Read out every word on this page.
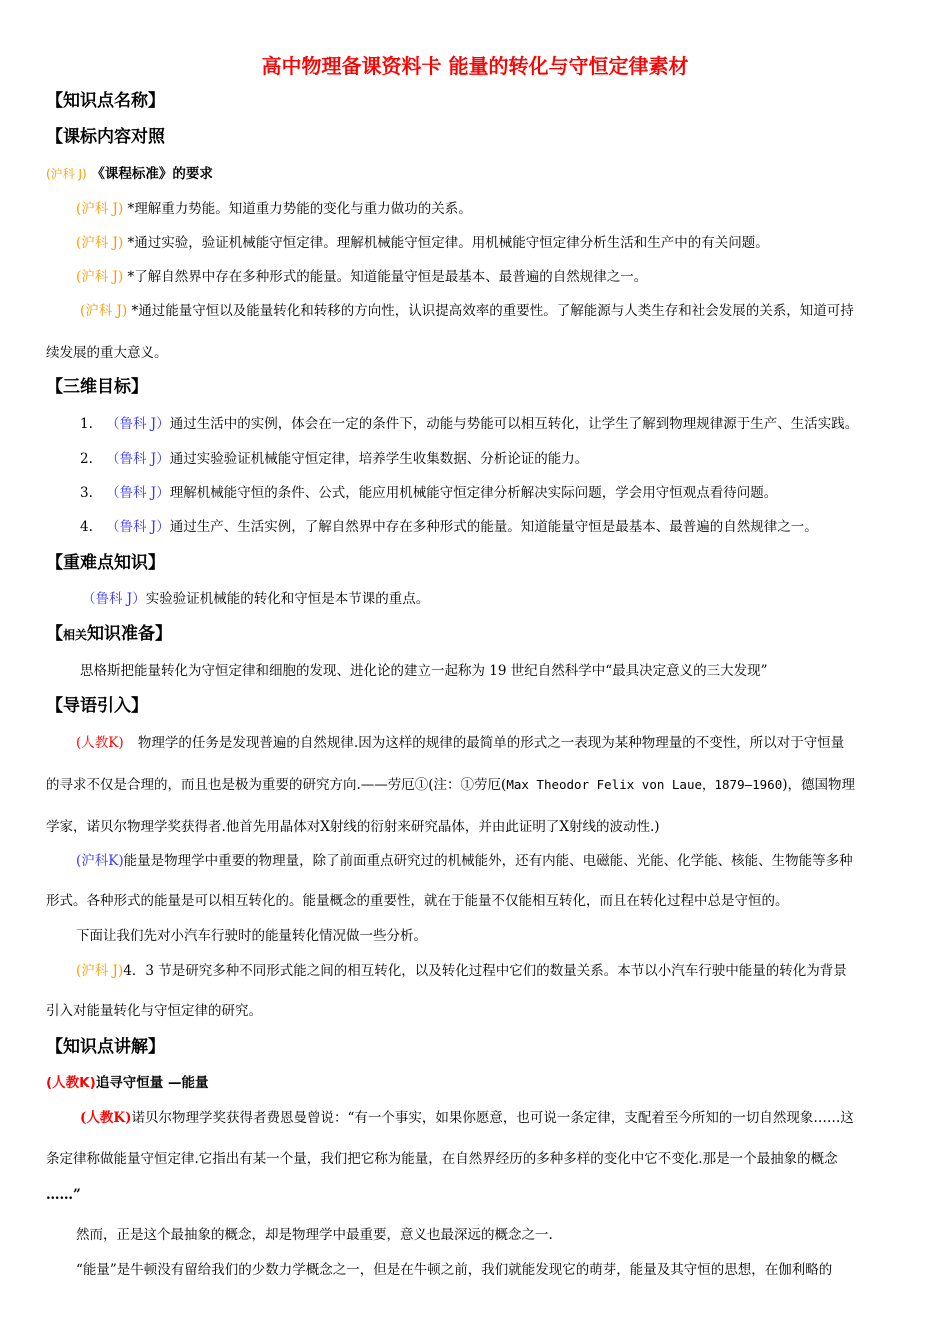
高中物理备课资料卡 能量的转化与守恒定律素材
【知识点名称】
【课标内容对照
(沪科 J) 《课程标准》的要求
(沪科 J) *理解重力势能。知道重力势能的变化与重力做功的关系。
(沪科 J) *通过实验，验证机械能守恒定律。理解机械能守恒定律。用机械能守恒定律分析生活和生产中的有关问题。
(沪科 J) *了解自然界中存在多种形式的能量。知道能量守恒是最基本、最普遍的自然规律之一。
(沪科 J) *通过能量守恒以及能量转化和转移的方向性，认识提高效率的重要性。了解能源与人类生存和社会发展的关系，知道可持
续发展的重大意义。
【三维目标】
1. （鲁科 J）通过生活中的实例，体会在一定的条件下，动能与势能可以相互转化，让学生了解到物理规律源于生产、生活实践。
2. （鲁科 J）通过实验验证机械能守恒定律，培养学生收集数据、分析论证的能力。
3. （鲁科 J）理解机械能守恒的条件、公式，能应用机械能守恒定律分析解决实际问题，学会用守恒观点看待问题。
4. （鲁科 J）通过生产、生活实例，了解自然界中存在多种形式的能量。知道能量守恒是最基本、最普遍的自然规律之一。
【重难点知识】
（鲁科 J）实验验证机械能的转化和守恒是本节课的重点。
【相关知识准备】
思格斯把能量转化为守恒定律和细胞的发现、进化论的建立一起称为 19 世纪自然科学中“最具决定意义的三大发现”
【导语引入】
(人教K) 物理学的任务是发现普遍的自然规律.因为这样的规律的最简单的形式之一表现为某种物理量的不变性，所以对于守恒量
的寻求不仅是合理的，而且也是极为重要的研究方向.——劳厄①(注：①劳厄(Max Theodor Felix von Laue，1879—1960)，德国物理
学家，诺贝尔物理学奖获得者.他首先用晶体对X射线的衍射来研究晶体，并由此证明了X射线的波动性.)
(沪科K)能量是物理学中重要的物理量，除了前面重点研究过的机械能外，还有内能、电磁能、光能、化学能、核能、生物能等多种
形式。各种形式的能量是可以相互转化的。能量概念的重要性，就在于能量不仅能相互转化，而且在转化过程中总是守恒的。
下面让我们先对小汽车行驶时的能量转化情况做一些分析。
(沪科 J)4．3 节是研究多种不同形式能之间的相互转化，以及转化过程中它们的数量关系。本节以小汽车行驶中能量的转化为背景
引入对能量转化与守恒定律的研究。
【知识点讲解】
(人教K)追寻守恒量 —能量
(人教K)诺贝尔物理学奖获得者费恩曼曾说：“有一个事实，如果你愿意，也可说一条定律，支配着至今所知的一切自然现象……这
条定律称做能量守恒定律.它指出有某一个量，我们把它称为能量，在自然界经历的多种多样的变化中它不变化.那是一个最抽象的概念
……”
然而，正是这个最抽象的概念，却是物理学中最重要，意义也最深远的概念之一.
“能量”是牛顿没有留给我们的少数力学概念之一，但是在牛顿之前，我们就能发现它的萌芽，能量及其守恒的思想，在伽利略的
